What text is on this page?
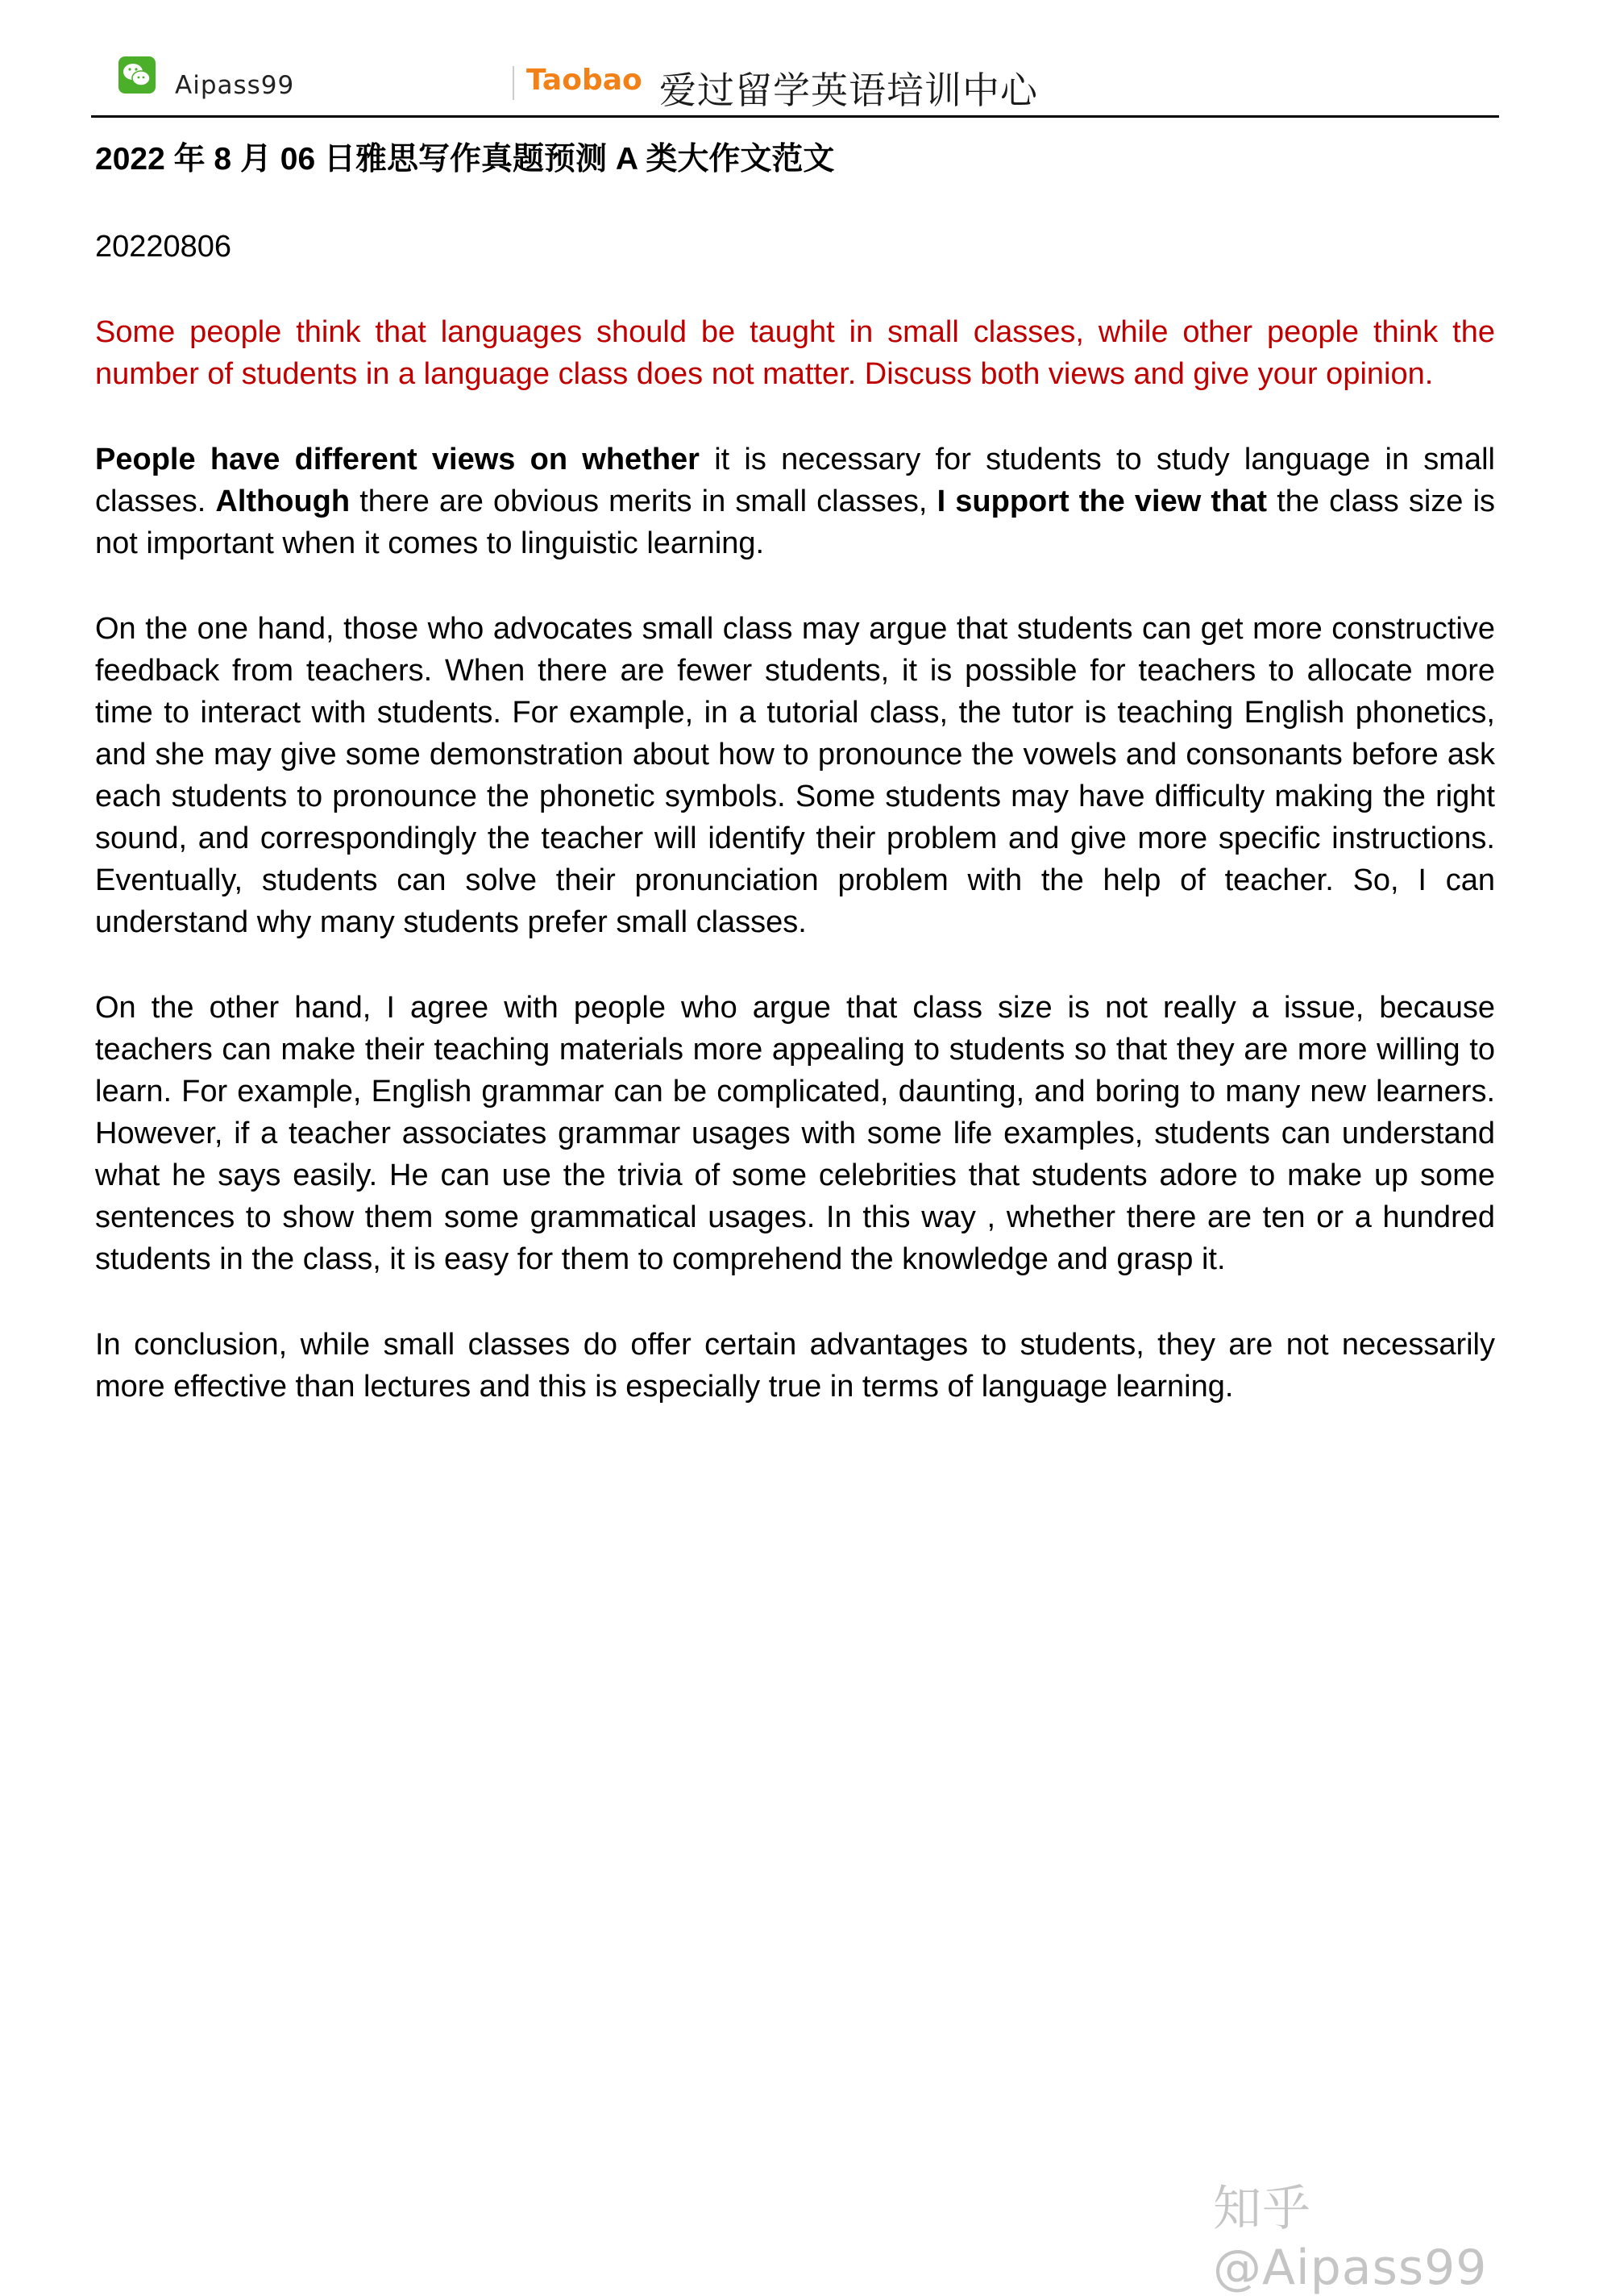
Aipass99	Taobao 爱过留学英语培训中心

2022 年 8 月 06 日雅思写作真题预测 A 类大作文范文

20220806

Some people think that languages should be taught in small classes, while other people think the number of students in a language class does not matter. Discuss both views and give your opinion.

People have different views on whether it is necessary for students to study language in small classes. Although there are obvious merits in small classes, I support the view that the class size is not important when it comes to linguistic learning.

On the one hand, those who advocates small class may argue that students can get more constructive feedback from teachers. When there are fewer students, it is possible for teachers to allocate more time to interact with students. For example, in a tutorial class, the tutor is teaching English phonetics, and she may give some demonstration about how to pronounce the vowels and consonants before ask each students to pronounce the phonetic symbols. Some students may have difficulty making the right sound, and correspondingly the teacher will identify their problem and give more specific instructions. Eventually, students can solve their pronunciation problem with the help of teacher. So, I can understand why many students prefer small classes.

On the other hand, I agree with people who argue that class size is not really a issue, because teachers can make their teaching materials more appealing to students so that they are more willing to learn. For example, English grammar can be complicated, daunting, and boring to many new learners. However, if a teacher associates grammar usages with some life examples, students can understand what he says easily. He can use the trivia of some celebrities that students adore to make up some sentences to show them some grammatical usages. In this way , whether there are ten or a hundred students in the class, it is easy for them to comprehend the knowledge and grasp it.

In conclusion, while small classes do offer certain advantages to students, they are not necessarily more effective than lectures and this is especially true in terms of language learning.

知乎 @Aipass99
